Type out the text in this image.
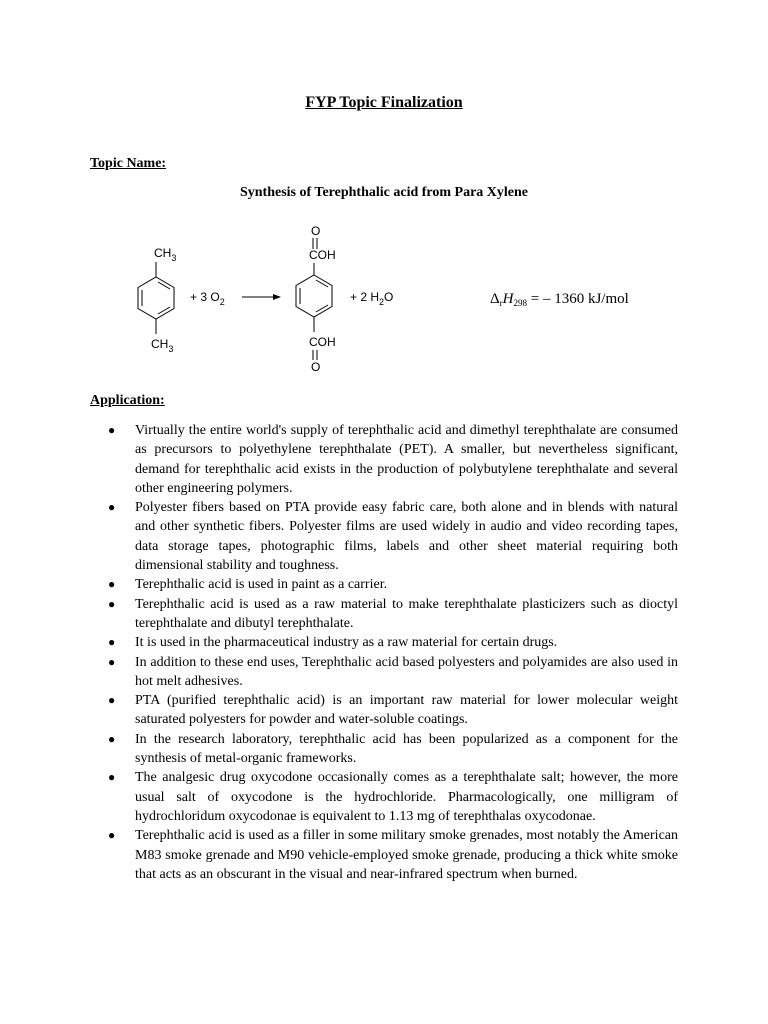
FYP Topic Finalization
Topic Name:
Synthesis of Terephthalic acid from Para Xylene
$CH_3$
$CH_3$
+ 3 $O_2$
O
COH
COH
O
+ 2 $H_2O$	$\Delta_rH_{298}$ = – 1360 kJ/mol
Application:
● Virtually the entire world's supply of terephthalic acid and dimethyl terephthalate are consumed as precursors to polyethylene terephthalate (PET). A smaller, but nevertheless significant, demand for terephthalic acid exists in the production of polybutylene terephthalate and several other engineering polymers.
● Polyester fibers based on PTA provide easy fabric care, both alone and in blends with natural and other synthetic fibers. Polyester films are used widely in audio and video recording tapes, data storage tapes, photographic films, labels and other sheet material requiring both dimensional stability and toughness.
● Terephthalic acid is used in paint as a carrier.
● Terephthalic acid is used as a raw material to make terephthalate plasticizers such as dioctyl terephthalate and dibutyl terephthalate.
● It is used in the pharmaceutical industry as a raw material for certain drugs.
● In addition to these end uses, Terephthalic acid based polyesters and polyamides are also used in hot melt adhesives.
● PTA (purified terephthalic acid) is an important raw material for lower molecular weight saturated polyesters for powder and water-soluble coatings.
● In the research laboratory, terephthalic acid has been popularized as a component for the synthesis of metal-organic frameworks.
● The analgesic drug oxycodone occasionally comes as a terephthalate salt; however, the more usual salt of oxycodone is the hydrochloride. Pharmacologically, one milligram of hydrochloridum oxycodonae is equivalent to 1.13 mg of terephthalas oxycodonae.
● Terephthalic acid is used as a filler in some military smoke grenades, most notably the American M83 smoke grenade and M90 vehicle-employed smoke grenade, producing a thick white smoke that acts as an obscurant in the visual and near-infrared spectrum when burned.
